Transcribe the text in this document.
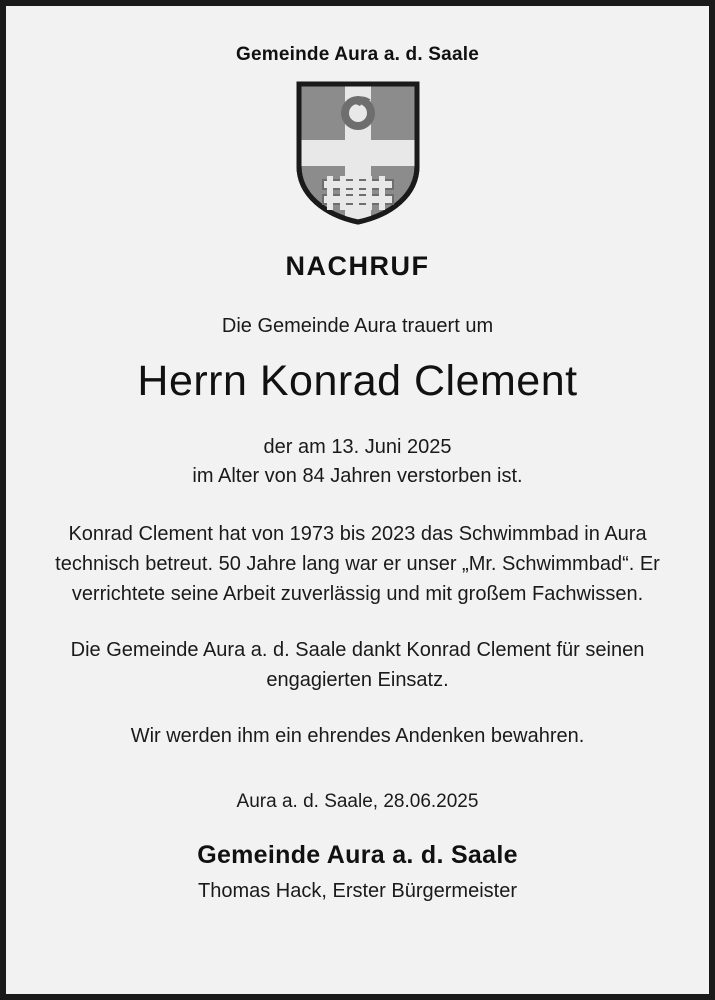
Gemeinde Aura a. d. Saale
NACHRUF
Die Gemeinde Aura trauert um
Herrn Konrad Clement
der am 13. Juni 2025
im Alter von 84 Jahren verstorben ist.
Konrad Clement hat von 1973 bis 2023 das Schwimmbad in Aura technisch betreut. 50 Jahre lang war er unser „Mr. Schwimmbad“. Er verrichtete seine Arbeit zuverlässig und mit großem Fachwissen.
Die Gemeinde Aura a. d. Saale dankt Konrad Clement für seinen engagierten Einsatz.
Wir werden ihm ein ehrendes Andenken bewahren.
Aura a. d. Saale, 28.06.2025
Gemeinde Aura a. d. Saale
Thomas Hack, Erster Bürgermeister
